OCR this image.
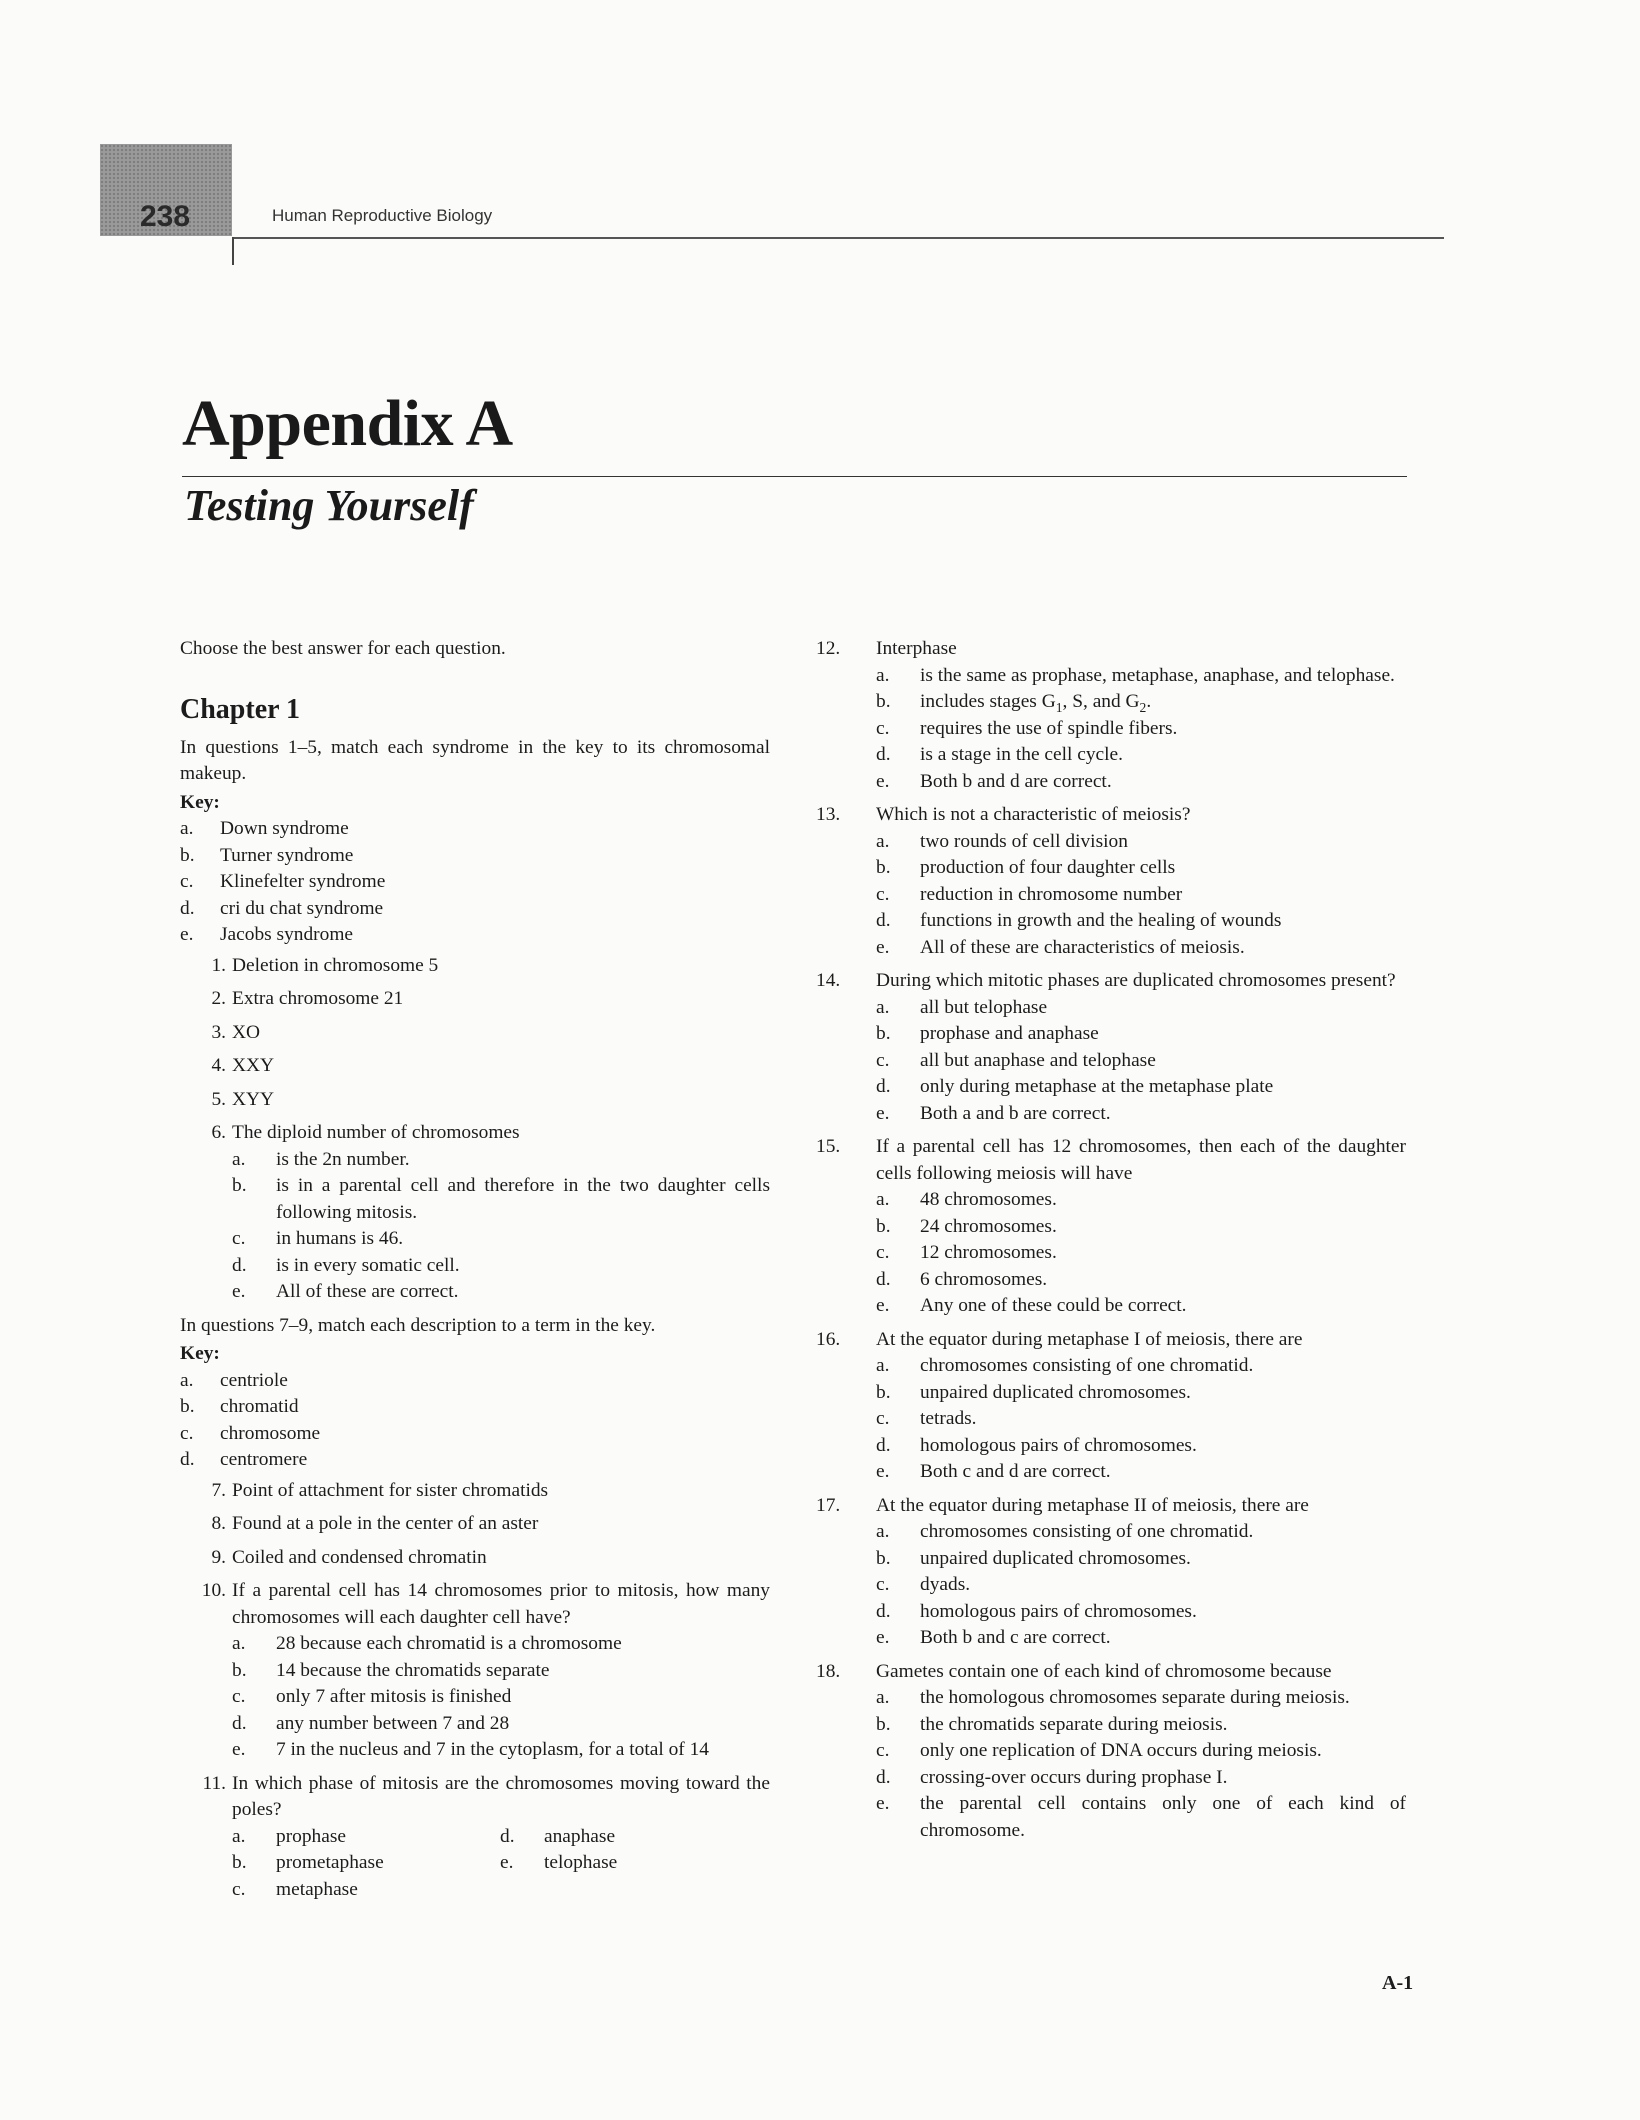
238	Human Reproductive Biology
Appendix A
Testing Yourself

Choose the best answer for each question.

Chapter 1

In questions 1–5, match each syndrome in the key to its chromosomal makeup.

Key:

a.	Down syndrome
b.	Turner syndrome
c.	Klinefelter syndrome
d.	cri du chat syndrome
e.	Jacobs syndrome
1. Deletion in chromosome 5
2. Extra chromosome 21
3. XO
4. XXY
5. XYY
6. The diploid number of chromosomes
a.	is the 2n number.
b.	is in a parental cell and therefore in the two daughter cells following mitosis.
c.	in humans is 46.
d.	is in every somatic cell.
e.	All of these are correct.

In questions 7–9, match each description to a term in the key.

Key:

a.	centriole
b.	chromatid
c.	chromosome
d.	centromere
7. Point of attachment for sister chromatids
8. Found at a pole in the center of an aster
9. Coiled and condensed chromatin
10. If a parental cell has 14 chromosomes prior to mitosis, how many chromosomes will each daughter cell have?
a.	28 because each chromatid is a chromosome
b.	14 because the chromatids separate
c.	only 7 after mitosis is finished
d.	any number between 7 and 28
e.	7 in the nucleus and 7 in the cytoplasm, for a total of 14
11. In which phase of mitosis are the chromosomes moving toward the poles?
a.	prophase	d.	anaphase
b.	prometaphase	e.	telophase
c.	metaphase
12.	Interphase
a.	is the same as prophase, metaphase, anaphase, and telophase.
b.	includes stages $G_1$, S, and $G_2$.
c.	requires the use of spindle fibers.
d.	is a stage in the cell cycle.
e.	Both b and d are correct.
13.	Which is not a characteristic of meiosis?
a.	two rounds of cell division
b.	production of four daughter cells
c.	reduction in chromosome number
d.	functions in growth and the healing of wounds
e.	All of these are characteristics of meiosis.
14.	During which mitotic phases are duplicated chromosomes present?
a.	all but telophase
b.	prophase and anaphase
c.	all but anaphase and telophase
d.	only during metaphase at the metaphase plate
e.	Both a and b are correct.
15.	If a parental cell has 12 chromosomes, then each of the daughter cells following meiosis will have
a.	48 chromosomes.
b.	24 chromosomes.
c.	12 chromosomes.
d.	6 chromosomes.
e.	Any one of these could be correct.
16.	At the equator during metaphase I of meiosis, there are
a.	chromosomes consisting of one chromatid.
b.	unpaired duplicated chromosomes.
c.	tetrads.
d.	homologous pairs of chromosomes.
e.	Both c and d are correct.
17.	At the equator during metaphase II of meiosis, there are
a.	chromosomes consisting of one chromatid.
b.	unpaired duplicated chromosomes.
c.	dyads.
d.	homologous pairs of chromosomes.
e.	Both b and c are correct.
18.	Gametes contain one of each kind of chromosome because
a.	the homologous chromosomes separate during meiosis.
b.	the chromatids separate during meiosis.
c.	only one replication of DNA occurs during meiosis.
d.	crossing-over occurs during prophase I.
e.	the parental cell contains only one of each kind of chromosome.
A-1
